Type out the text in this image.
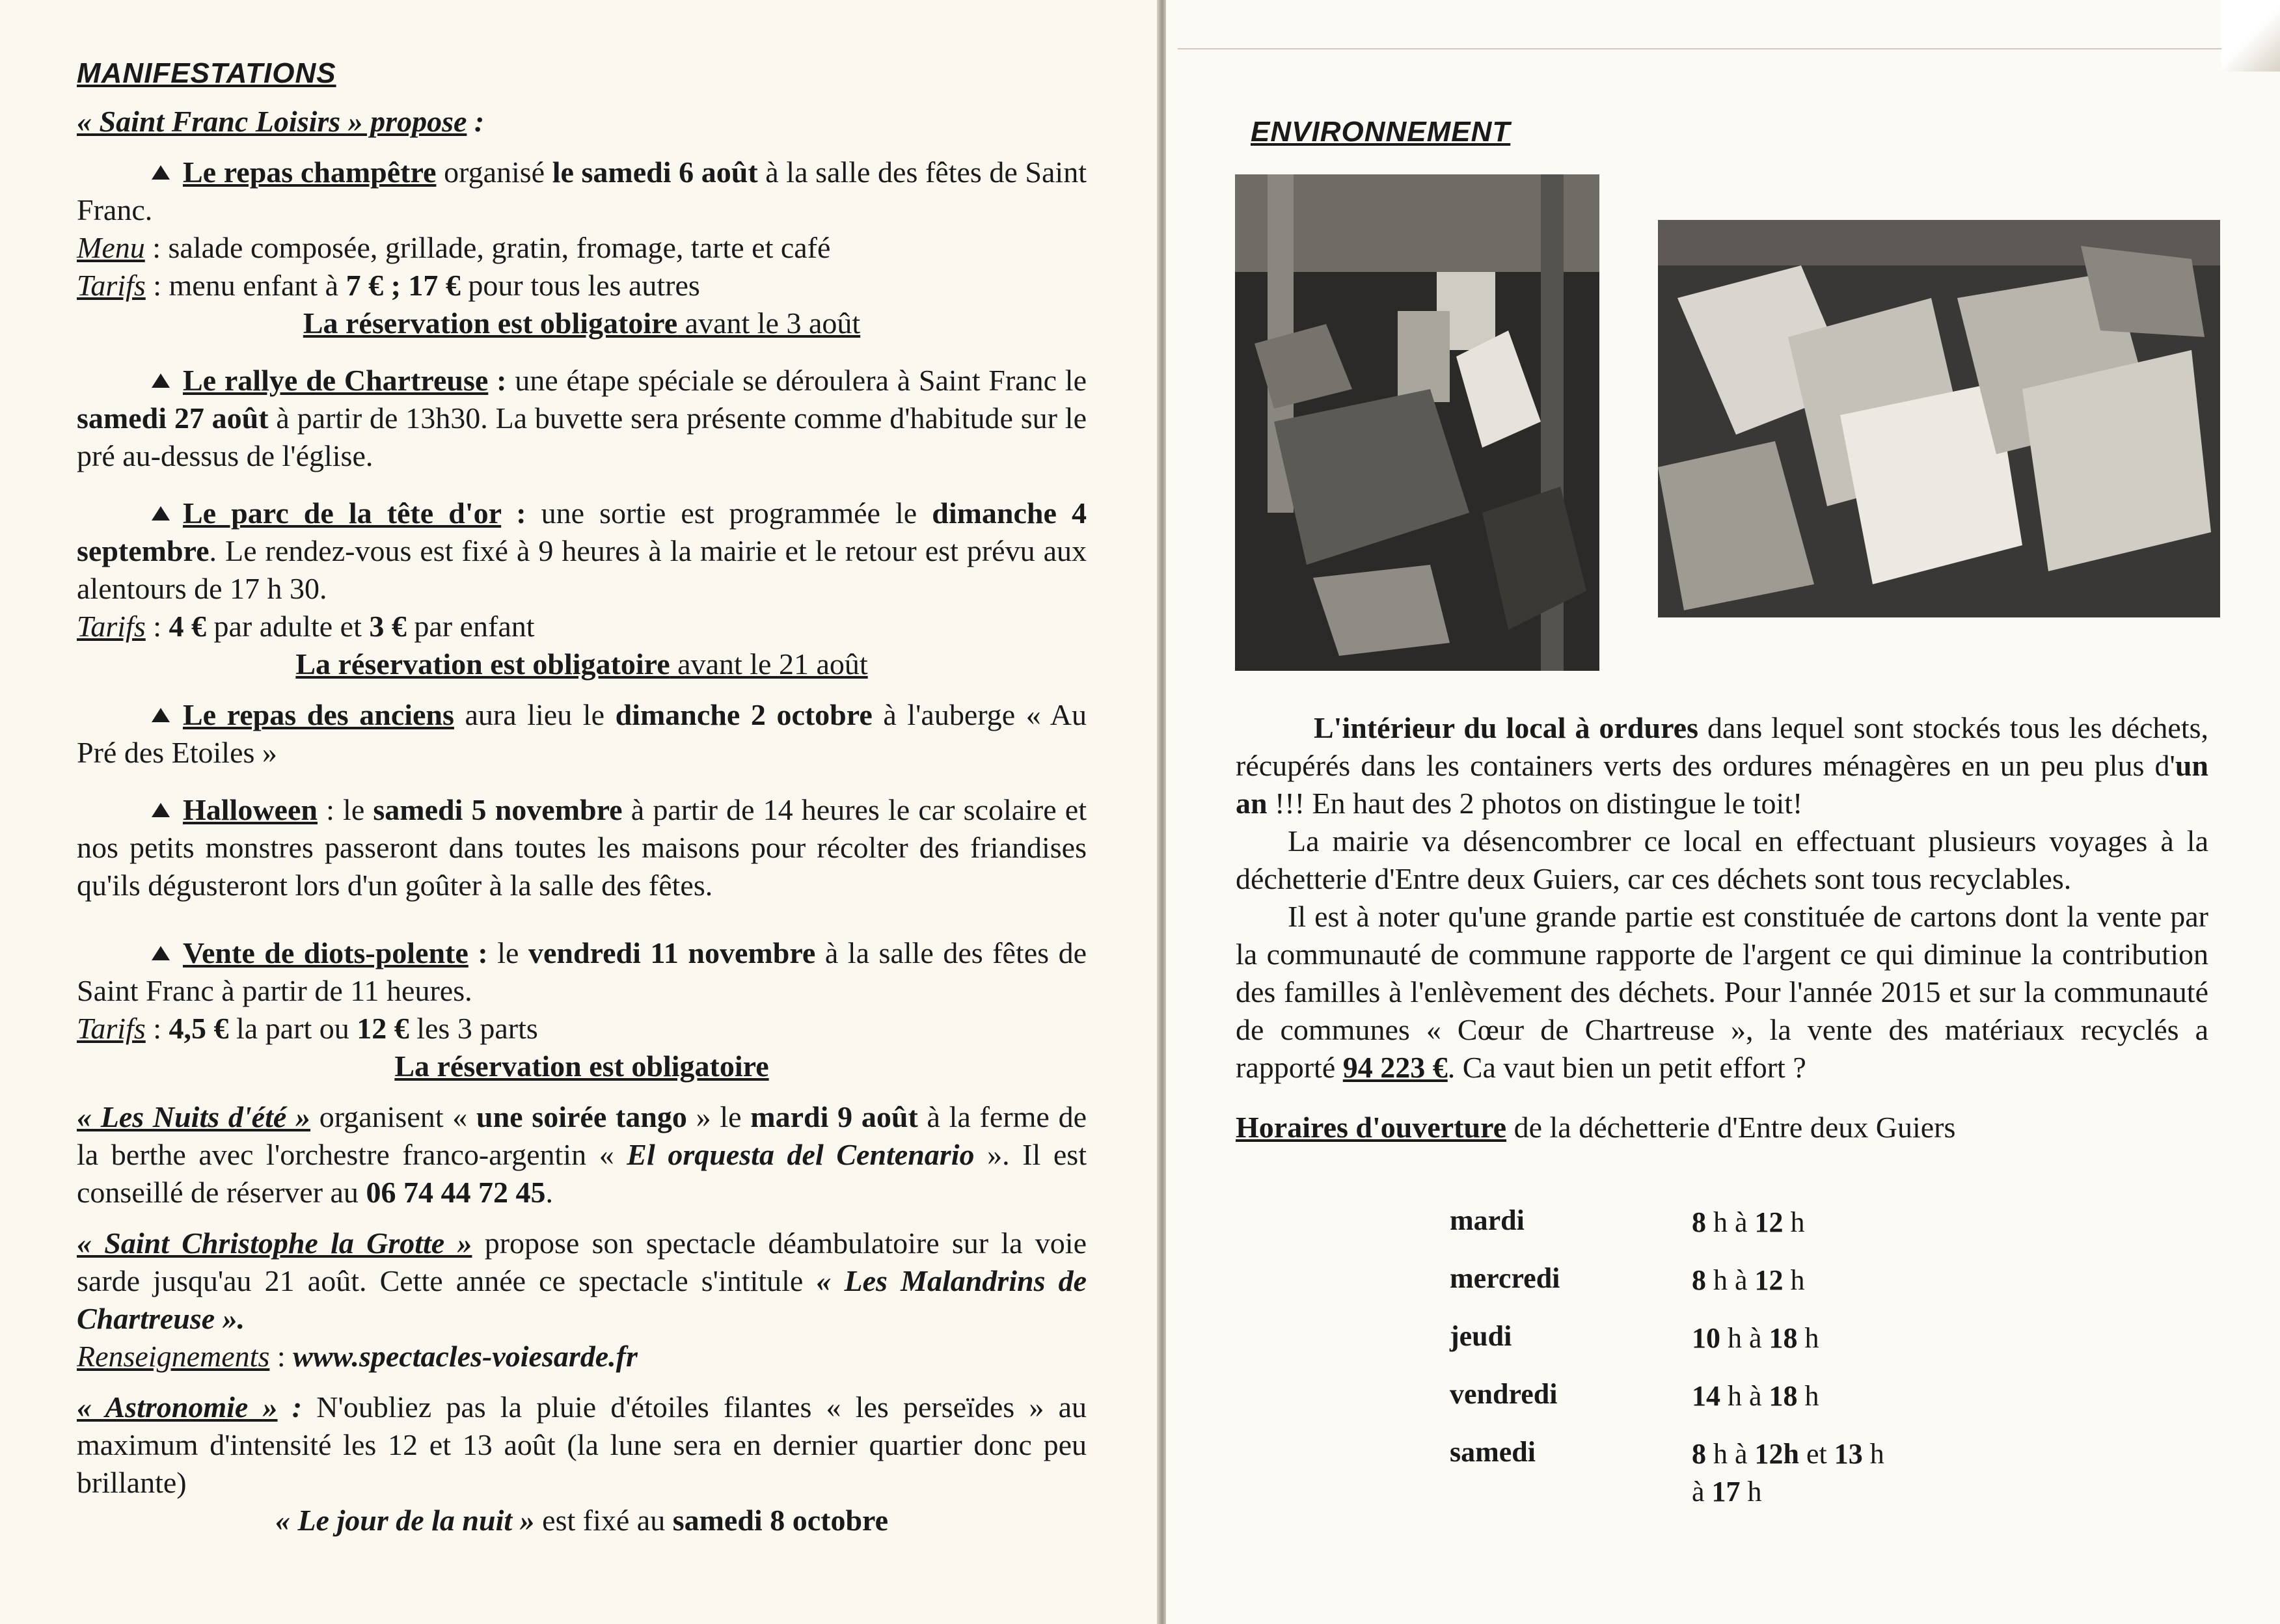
MANIFESTATIONS

« Saint Franc Loisirs » propose :

Le repas champêtre organisé le samedi 6 août à la salle des fêtes de Saint Franc.

Menu : salade composée, grillade, gratin, fromage, tarte et café

Tarifs : menu enfant à 7 € ; 17 € pour tous les autres

La réservation est obligatoire avant le 3 août

Le rallye de Chartreuse : une étape spéciale se déroulera à Saint Franc le samedi 27 août à partir de 13h30. La buvette sera présente comme d'habitude sur le pré au-dessus de l'église.

Le parc de la tête d'or : une sortie est programmée le dimanche 4 septembre. Le rendez-vous est fixé à 9 heures à la mairie et le retour est prévu aux alentours de 17 h 30.

Tarifs : 4 € par adulte et 3 € par enfant

La réservation est obligatoire avant le 21 août

Le repas des anciens aura lieu le dimanche 2 octobre à l'auberge « Au Pré des Etoiles »

Halloween : le samedi 5 novembre à partir de 14 heures le car scolaire et nos petits monstres passeront dans toutes les maisons pour récolter des friandises qu'ils dégusteront lors d'un goûter à la salle des fêtes.

Vente de diots-polente : le vendredi 11 novembre à la salle des fêtes de Saint Franc à partir de 11 heures.

Tarifs : 4,5 € la part ou 12 € les 3 parts

La réservation est obligatoire

« Les Nuits d'été » organisent « une soirée tango » le mardi 9 août à la ferme de la berthe avec l'orchestre franco-argentin « El orquesta del Centenario ». Il est conseillé de réserver au 06 74 44 72 45.

« Saint Christophe la Grotte » propose son spectacle déambulatoire sur la voie sarde jusqu'au 21 août. Cette année ce spectacle s'intitule « Les Malandrins de Chartreuse ».

Renseignements : www.spectacles-voiesarde.fr

« Astronomie » : N'oubliez pas la pluie d'étoiles filantes « les perseïdes » au maximum d'intensité les 12 et 13 août (la lune sera en dernier quartier donc peu brillante)

« Le jour de la nuit » est fixé au samedi 8 octobre

ENVIRONNEMENT

L'intérieur du local à ordures dans lequel sont stockés tous les déchets, récupérés dans les containers verts des ordures ménagères en un peu plus d'un an !!! En haut des 2 photos on distingue le toit!

La mairie va désencombrer ce local en effectuant plusieurs voyages à la déchetterie d'Entre deux Guiers, car ces déchets sont tous recyclables.

Il est à noter qu'une grande partie est constituée de cartons dont la vente par la communauté de commune rapporte de l'argent ce qui diminue la contribution des familles à l'enlèvement des déchets. Pour l'année 2015 et sur la communauté de communes « Cœur de Chartreuse », la vente des matériaux recyclés a rapporté 94 223 €. Ca vaut bien un petit effort ?

Horaires d'ouverture de la déchetterie d'Entre deux Guiers

mardi	8 h à 12 h
mercredi	8 h à 12 h
jeudi	10 h à 18 h
vendredi	14 h à 18 h
samedi	8 h à 12h et 13 h
à 17 h
